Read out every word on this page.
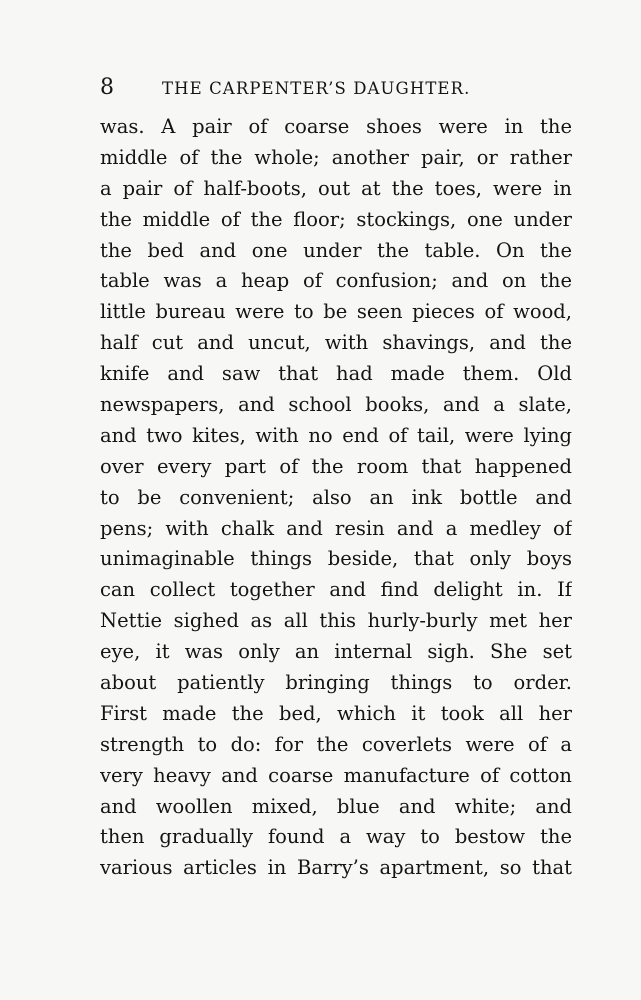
8	THE CARPENTER’S DAUGHTER.
was. A pair of coarse shoes were in the
middle of the whole; another pair, or rather
a pair of half-boots, out at the toes, were in
the middle of the floor; stockings, one under
the bed and one under the table. On the
table was a heap of confusion; and on the
little bureau were to be seen pieces of wood,
half cut and uncut, with shavings, and the
knife and saw that had made them. Old
newspapers, and school books, and a slate,
and two kites, with no end of tail, were lying
over every part of the room that happened
to be convenient; also an ink bottle and
pens; with chalk and resin and a medley of
unimaginable things beside, that only boys
can collect together and find delight in. If
Nettie sighed as all this hurly-burly met her
eye, it was only an internal sigh. She set
about patiently bringing things to order.
First made the bed, which it took all her
strength to do: for the coverlets were of a
very heavy and coarse manufacture of cotton
and woollen mixed, blue and white; and
then gradually found a way to bestow the
various articles in Barry’s apartment, so that
